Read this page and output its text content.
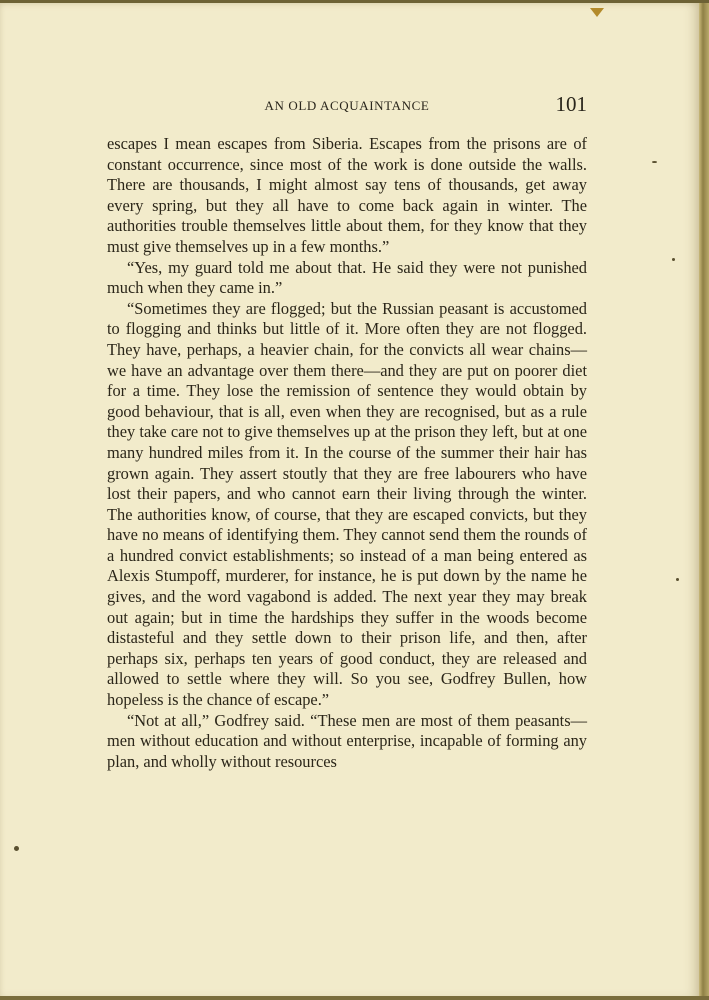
AN OLD ACQUAINTANCE	101

escapes I mean escapes from Siberia. Escapes from the prisons are of constant occurrence, since most of the work is done outside the walls. There are thousands, I might almost say tens of thousands, get away every spring, but they all have to come back again in winter. The authorities trouble themselves little about them, for they know that they must give themselves up in a few months.”

“Yes, my guard told me about that. He said they were not punished much when they came in.”

“Sometimes they are flogged; but the Russian peasant is accustomed to flogging and thinks but little of it. More often they are not flogged. They have, perhaps, a heavier chain, for the convicts all wear chains—we have an advantage over them there—and they are put on poorer diet for a time. They lose the remission of sentence they would obtain by good behaviour, that is all, even when they are recognised, but as a rule they take care not to give themselves up at the prison they left, but at one many hundred miles from it. In the course of the summer their hair has grown again. They assert stoutly that they are free labourers who have lost their papers, and who cannot earn their living through the winter. The authorities know, of course, that they are escaped convicts, but they have no means of identifying them. They cannot send them the rounds of a hundred convict establishments; so instead of a man being entered as Alexis Stumpoff, murderer, for instance, he is put down by the name he gives, and the word vagabond is added. The next year they may break out again; but in time the hardships they suffer in the woods become distasteful and they settle down to their prison life, and then, after perhaps six, perhaps ten years of good conduct, they are released and allowed to settle where they will. So you see, Godfrey Bullen, how hopeless is the chance of escape.”

“Not at all,” Godfrey said. “These men are most of them peasants—men without education and without enterprise, incapable of forming any plan, and wholly without resources
